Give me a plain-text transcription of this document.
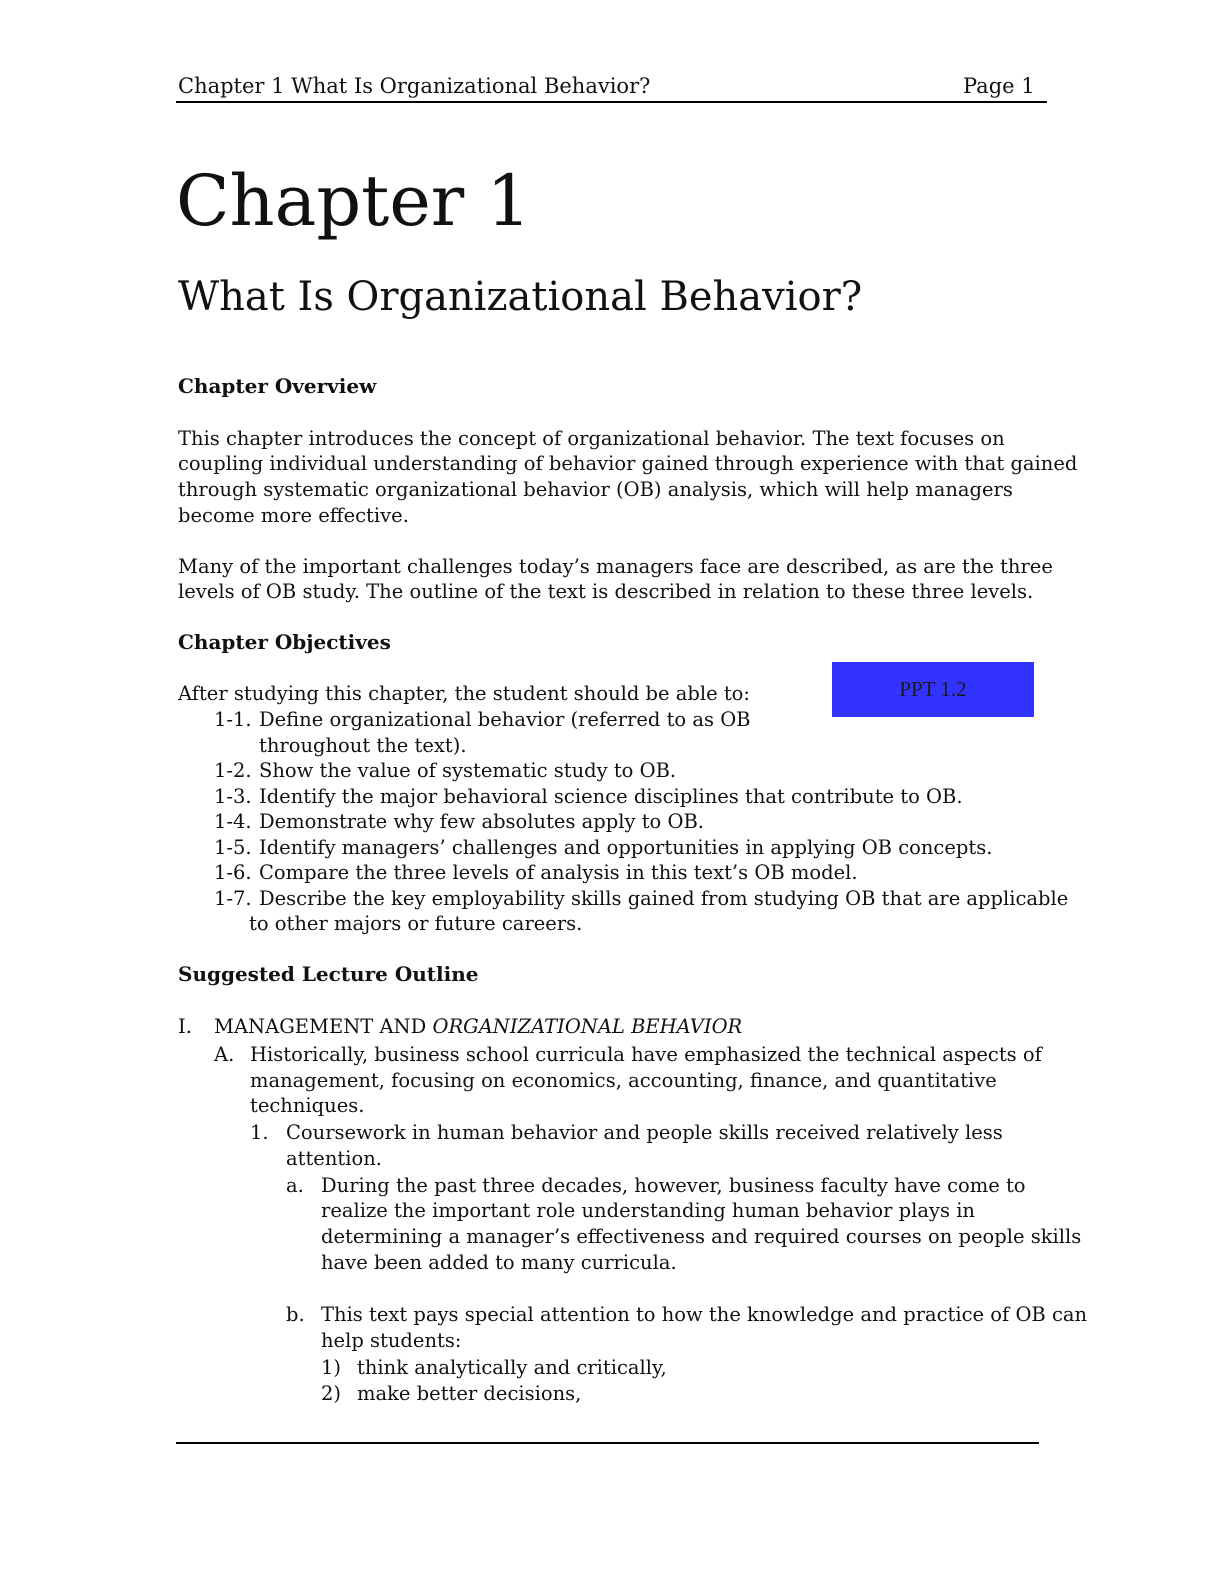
Chapter 1 What Is Organizational Behavior?	Page 1
Chapter 1
What Is Organizational Behavior?
Chapter Overview
This chapter introduces the concept of organizational behavior. The text focuses on
coupling individual understanding of behavior gained through experience with that gained
through systematic organizational behavior (OB) analysis, which will help managers
become more effective.
Many of the important challenges today’s managers face are described, as are the three
levels of OB study. The outline of the text is described in relation to these three levels.
Chapter Objectives
PPT 1.2
After studying this chapter, the student should be able to:
1-1. Define organizational behavior (referred to as OB
throughout the text).
1-2. Show the value of systematic study to OB.
1-3. Identify the major behavioral science disciplines that contribute to OB.
1-4. Demonstrate why few absolutes apply to OB.
1-5. Identify managers’ challenges and opportunities in applying OB concepts.
1-6. Compare the three levels of analysis in this text’s OB model.
1-7. Describe the key employability skills gained from studying OB that are applicable
to other majors or future careers.
Suggested Lecture Outline
I. MANAGEMENT AND ORGANIZATIONAL BEHAVIOR
A. Historically, business school curricula have emphasized the technical aspects of
management, focusing on economics, accounting, finance, and quantitative
techniques.
1. Coursework in human behavior and people skills received relatively less
attention.
a. During the past three decades, however, business faculty have come to
realize the important role understanding human behavior plays in
determining a manager’s effectiveness and required courses on people skills
have been added to many curricula.
b. This text pays special attention to how the knowledge and practice of OB can
help students:
1) think analytically and critically,
2) make better decisions,
